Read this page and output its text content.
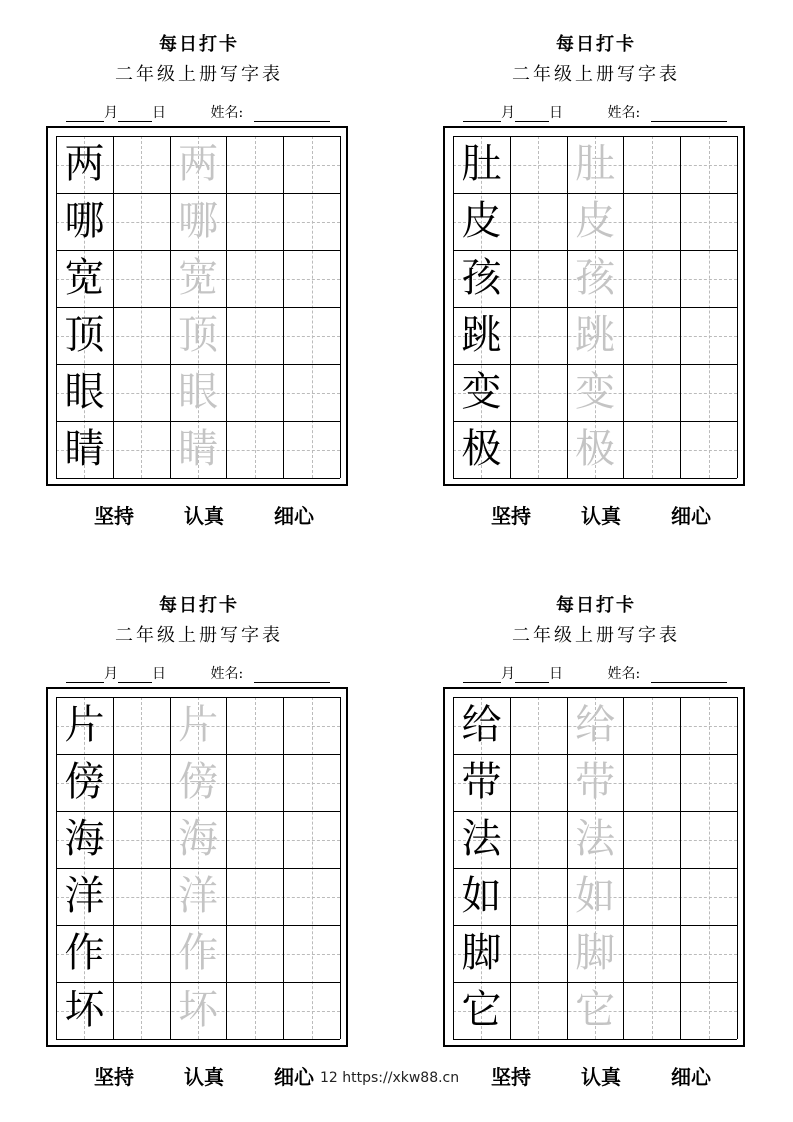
每日打卡
二年级上册写字表
月 日	姓名:
两 两
哪 哪
宽 宽
顶 顶
眼 眼
睛 睛
坚持	认真	细心
每日打卡
二年级上册写字表
月 日	姓名:
肚 肚
皮 皮
孩 孩
跳 跳
变 变
极 极
坚持	认真	细心
每日打卡
二年级上册写字表
月 日	姓名:
片 片
傍 傍
海 海
洋 洋
作 作
坏 坏
坚持	认真	细心
每日打卡
二年级上册写字表
月 日	姓名:
给 给
带 带
法 法
如 如
脚 脚
它 它
坚持	认真	细心
12 https://xkw88.cn
